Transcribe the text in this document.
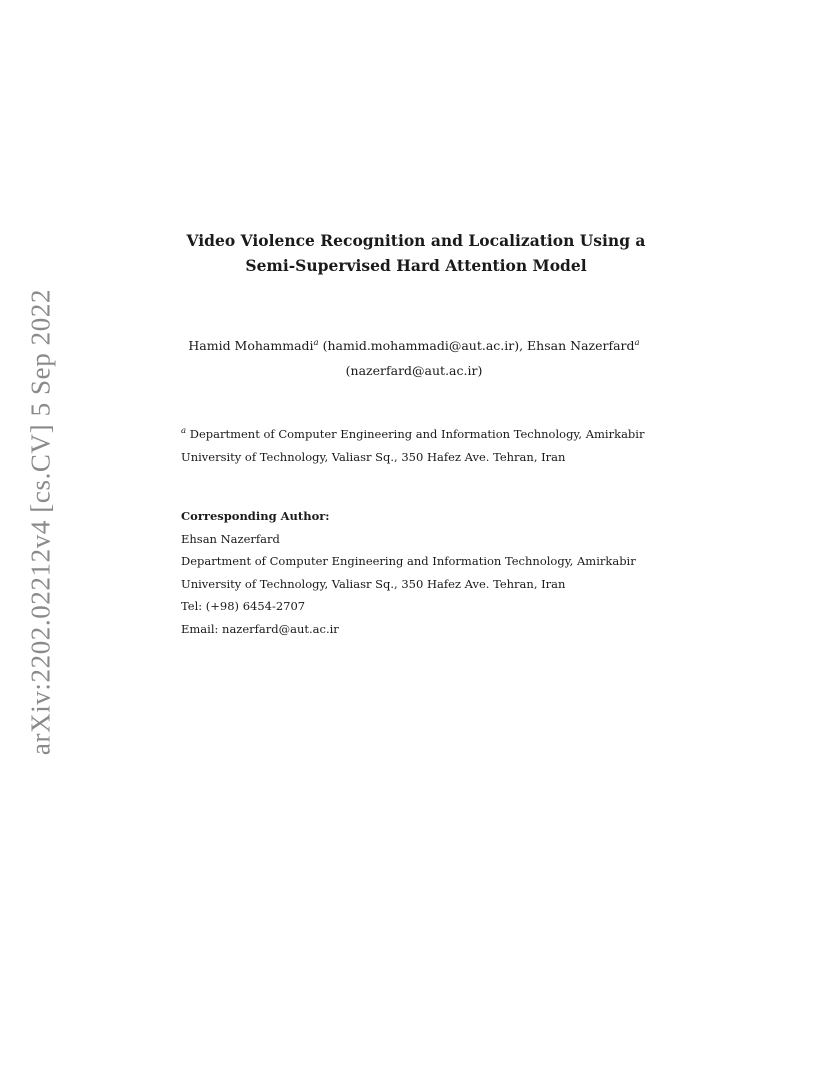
arXiv:2202.02212v4 [cs.CV] 5 Sep 2022
Video Violence Recognition and Localization Using a
Semi-Supervised Hard Attention Model
Hamid Mohammadi$^a$ (hamid.mohammadi@aut.ac.ir), Ehsan Nazerfard$^a$
(nazerfard@aut.ac.ir)
$^a$ Department of Computer Engineering and Information Technology, Amirkabir
University of Technology, Valiasr Sq., 350 Hafez Ave. Tehran, Iran
Corresponding Author:
Ehsan Nazerfard
Department of Computer Engineering and Information Technology, Amirkabir
University of Technology, Valiasr Sq., 350 Hafez Ave. Tehran, Iran
Tel: (+98) 6454-2707
Email: nazerfard@aut.ac.ir
